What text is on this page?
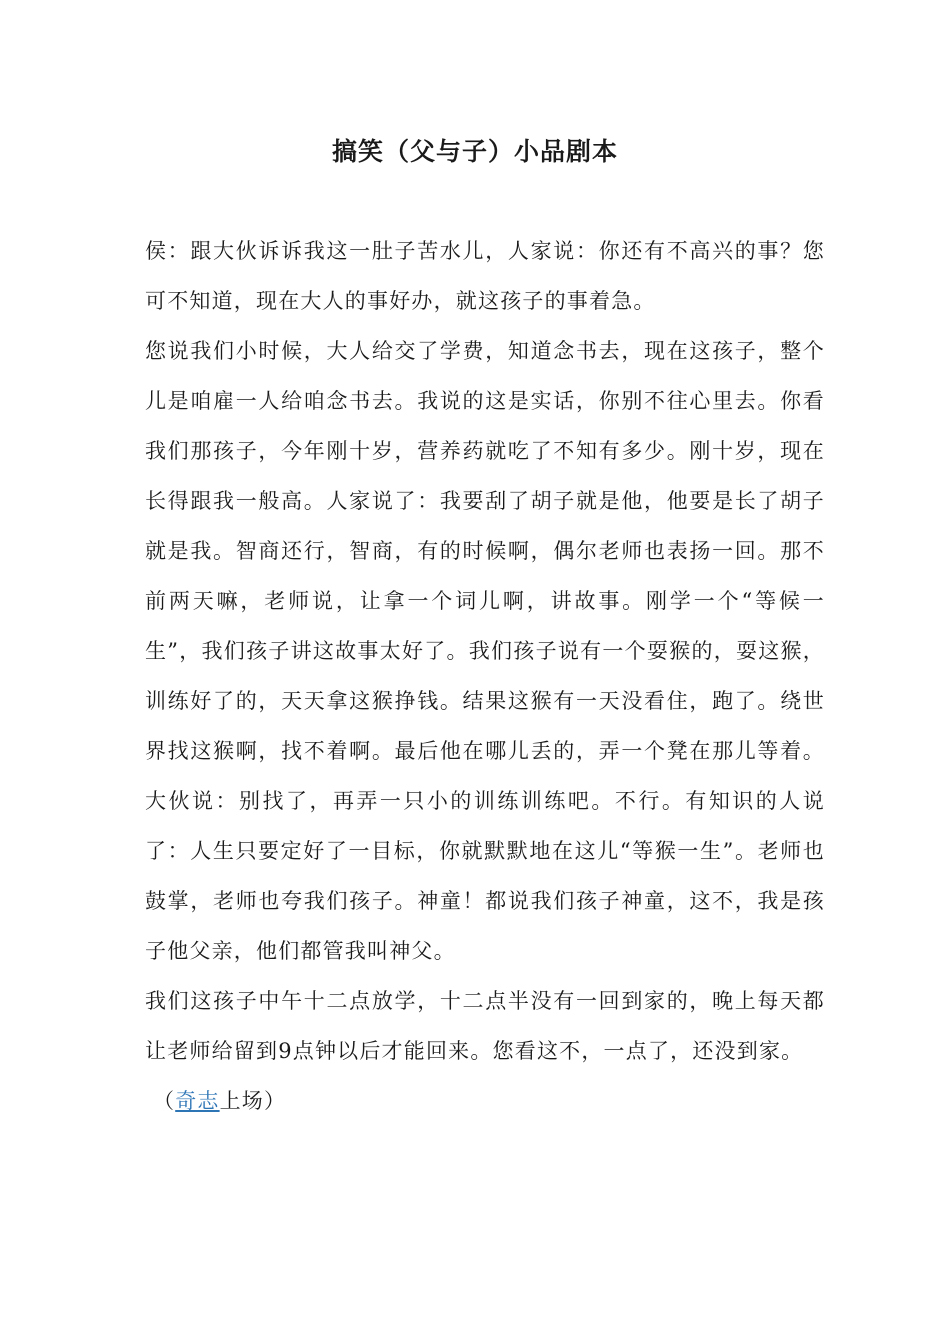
搞笑（父与子）小品剧本

侯：跟大伙诉诉我这一肚子苦水儿，人家说：你还有不高兴的事？您可不知道，现在大人的事好办，就这孩子的事着急。

您说我们小时候，大人给交了学费，知道念书去，现在这孩子，整个儿是咱雇一人给咱念书去。我说的这是实话，你别不往心里去。你看我们那孩子，今年刚十岁，营养药就吃了不知有多少。刚十岁，现在长得跟我一般高。人家说了：我要刮了胡子就是他，他要是长了胡子就是我。智商还行，智商，有的时候啊，偶尔老师也表扬一回。那不前两天嘛，老师说，让拿一个词儿啊，讲故事。刚学一个“等候一生”，我们孩子讲这故事太好了。我们孩子说有一个耍猴的，耍这猴，训练好了的，天天拿这猴挣钱。结果这猴有一天没看住，跑了。绕世界找这猴啊，找不着啊。最后他在哪儿丢的，弄一个凳在那儿等着。大伙说：别找了，再弄一只小的训练训练吧。不行。有知识的人说了：人生只要定好了一目标，你就默默地在这儿“等猴一生”。老师也鼓掌，老师也夸我们孩子。神童！都说我们孩子神童，这不，我是孩子他父亲，他们都管我叫神父。

我们这孩子中午十二点放学，十二点半没有一回到家的，晚上每天都让老师给留到9点钟以后才能回来。您看这不，一点了，还没到家。

（奇志上场）
